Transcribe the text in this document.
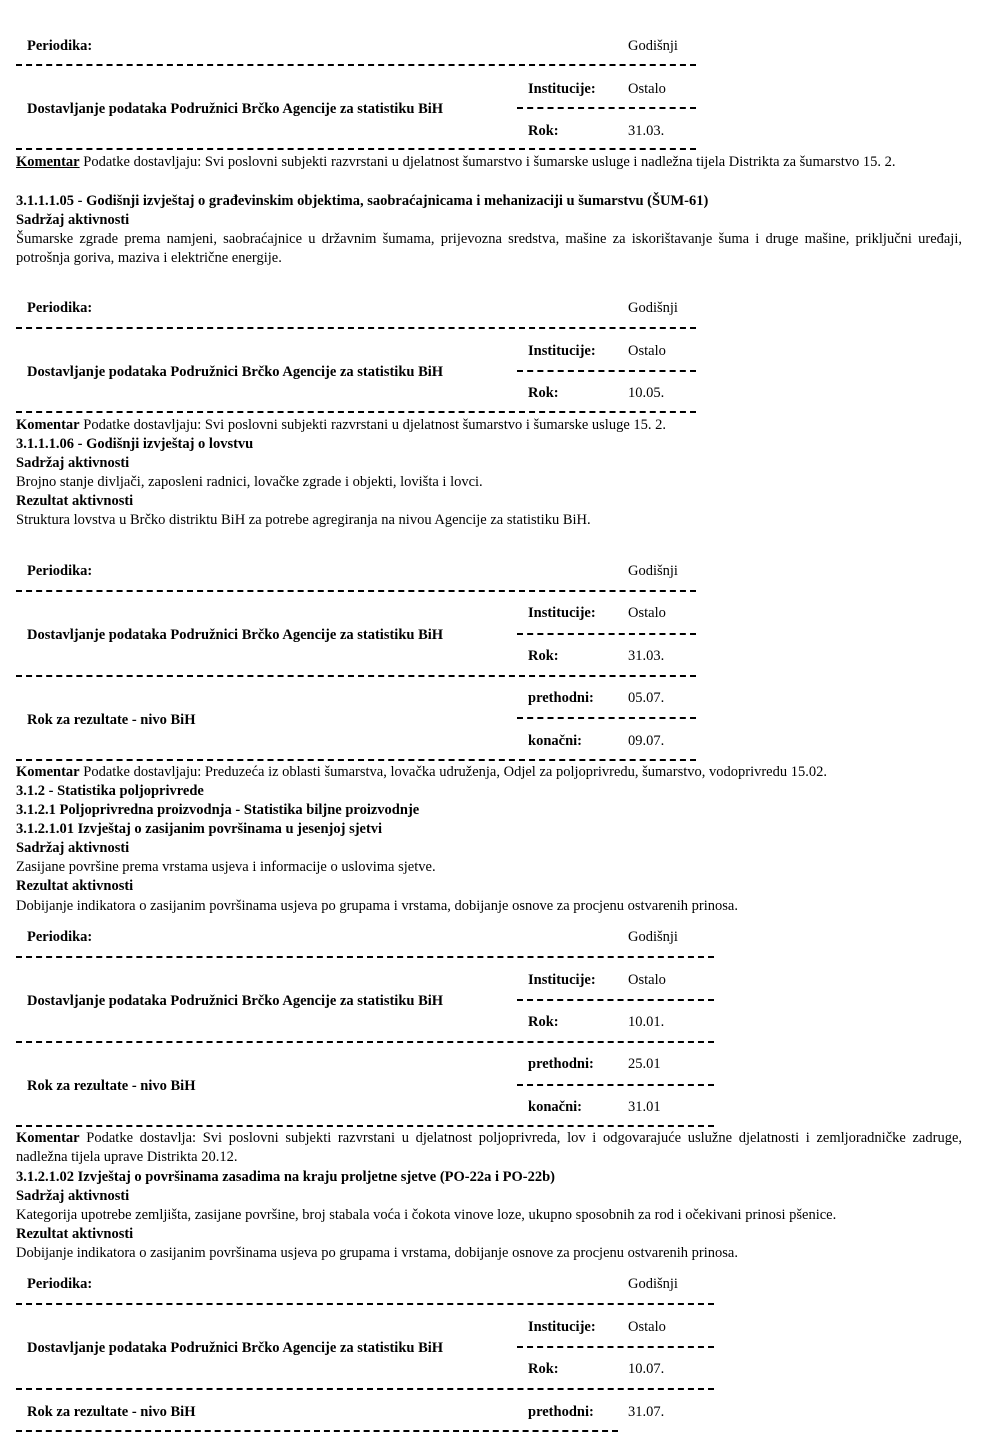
Periodika:	Godišnji
Institucije: Ostalo
Dostavljanje podataka Podružnici Brčko Agencije za statistiku BiH
Rok:	31.03.
Komentar Podatke dostavljaju: Svi poslovni subjekti razvrstani u djelatnost šumarstvo i šumarske usluge i nadležna tijela Distrikta za šumarstvo 15. 2.
3.1.1.1.05 - Godišnji izvještaj o građevinskim objektima, saobraćajnicama i mehanizaciji u šumarstvu (ŠUM-61)
Sadržaj aktivnosti
Šumarske zgrade prema namjeni, saobraćajnice u državnim šumama, prijevozna sredstva, mašine za iskorištavanje šuma i druge mašine, priključni uređaji, potrošnja goriva, maziva i električne energije.
Periodika:	Godišnji
Institucije: Ostalo
Dostavljanje podataka Podružnici Brčko Agencije za statistiku BiH
Rok:	10.05.
Komentar Podatke dostavljaju: Svi poslovni subjekti razvrstani u djelatnost šumarstvo i šumarske usluge 15. 2.
3.1.1.1.06 - Godišnji izvještaj o lovstvu
Sadržaj aktivnosti
Brojno stanje divljači, zaposleni radnici, lovačke zgrade i objekti, lovišta i lovci.
Rezultat aktivnosti
Struktura lovstva u Brčko distriktu BiH za potrebe agregiranja na nivou Agencije za statistiku BiH.
Periodika:	Godišnji
Institucije: Ostalo
Dostavljanje podataka Podružnici Brčko Agencije za statistiku BiH
Rok:	31.03.
prethodni: 05.07.
Rok za rezultate - nivo BiH
konačni:	09.07.
Komentar Podatke dostavljaju: Preduzeća iz oblasti šumarstva, lovačka udruženja, Odjel za poljoprivredu, šumarstvo, vodoprivredu 15.02.
3.1.2 - Statistika poljoprivrede
3.1.2.1 Poljoprivredna proizvodnja - Statistika biljne proizvodnje
3.1.2.1.01 Izvještaj o zasijanim površinama u jesenjoj sjetvi
Sadržaj aktivnosti
Zasijane površine prema vrstama usjeva i informacije o uslovima sjetve.
Rezultat aktivnosti
Dobijanje indikatora o zasijanim površinama usjeva po grupama i vrstama, dobijanje osnove za procjenu ostvarenih prinosa.
Periodika:	Godišnji
Institucije: Ostalo
Dostavljanje podataka Podružnici Brčko Agencije za statistiku BiH
Rok:	10.01.
prethodni: 25.01
Rok za rezultate - nivo BiH
konačni:	31.01
Komentar Podatke dostavlja: Svi poslovni subjekti razvrstani u djelatnost poljoprivreda, lov i odgovarajuće uslužne djelatnosti i zemljoradničke zadruge, nadležna tijela uprave Distrikta 20.12.
3.1.2.1.02 Izvještaj o površinama zasadima na kraju proljetne sjetve (PO-22a i PO-22b)
Sadržaj aktivnosti
Kategorija upotrebe zemljišta, zasijane površine, broj stabala voća i čokota vinove loze, ukupno sposobnih za rod i očekivani prinosi pšenice.
Rezultat aktivnosti
Dobijanje indikatora o zasijanim površinama usjeva po grupama i vrstama, dobijanje osnove za procjenu ostvarenih prinosa.
Periodika:	Godišnji
Institucije: Ostalo
Dostavljanje podataka Podružnici Brčko Agencije za statistiku BiH
Rok:	10.07.
prethodni: 31.07.
Rok za rezultate - nivo BiH
